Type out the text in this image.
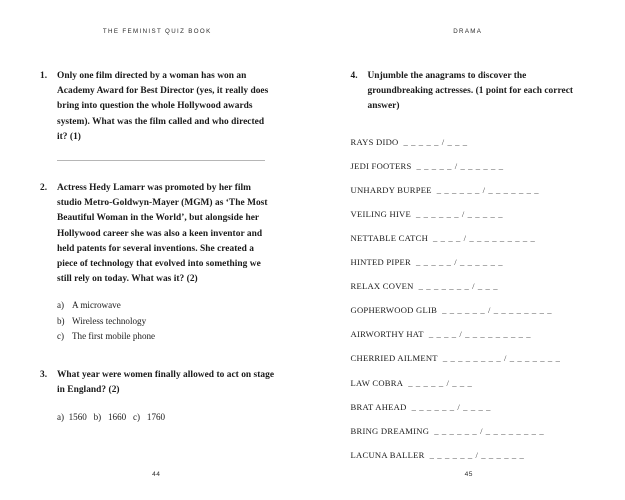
THE FEMINIST QUIZ BOOK
1.	Only one film directed by a woman has won an Academy Award for Best Director (yes, it really does bring into question the whole Hollywood awards system). What was the film called and who directed it? (1)
2.	Actress Hedy Lamarr was promoted by her film studio Metro-Goldwyn-Mayer (MGM) as ‘The Most Beautiful Woman in the World’, but alongside her Hollywood career she was also a keen inventor and held patents for several inventions. She created a piece of technology that evolved into something we still rely on today. What was it? (2)
a) A microwave
b) Wireless technology
c) The first mobile phone
3.	What year were women finally allowed to act on stage in England? (2)
a)  1560   b)   1660   c)   1760
44
DRAMA
4.	Unjumble the anagrams to discover the groundbreaking actresses. (1 point for each correct answer)
RAYS DIDO _ _ _ _ _ / _ _ _
JEDI FOOTERS _ _ _ _ _ / _ _ _ _ _ _
UNHARDY BURPEE _ _ _ _ _ _ / _ _ _ _ _ _ _
VEILING HIVE _ _ _ _ _ _ / _ _ _ _ _
NETTABLE CATCH _ _ _ _ / _ _ _ _ _ _ _ _ _
HINTED PIPER _ _ _ _ _ / _ _ _ _ _ _
RELAX COVEN _ _ _ _ _ _ _ / _ _ _
GOPHERWOOD GLIB _ _ _ _ _ _ / _ _ _ _ _ _ _ _
AIRWORTHY HAT _ _ _ _ / _ _ _ _ _ _ _ _ _
CHERRIED AILMENT _ _ _ _ _ _ _ _ / _ _ _ _ _ _ _
LAW COBRA _ _ _ _ _ / _ _ _
BRAT AHEAD _ _ _ _ _ _ / _ _ _ _
BRING DREAMING _ _ _ _ _ _ / _ _ _ _ _ _ _ _
LACUNA BALLER _ _ _ _ _ _ / _ _ _ _ _ _
45
